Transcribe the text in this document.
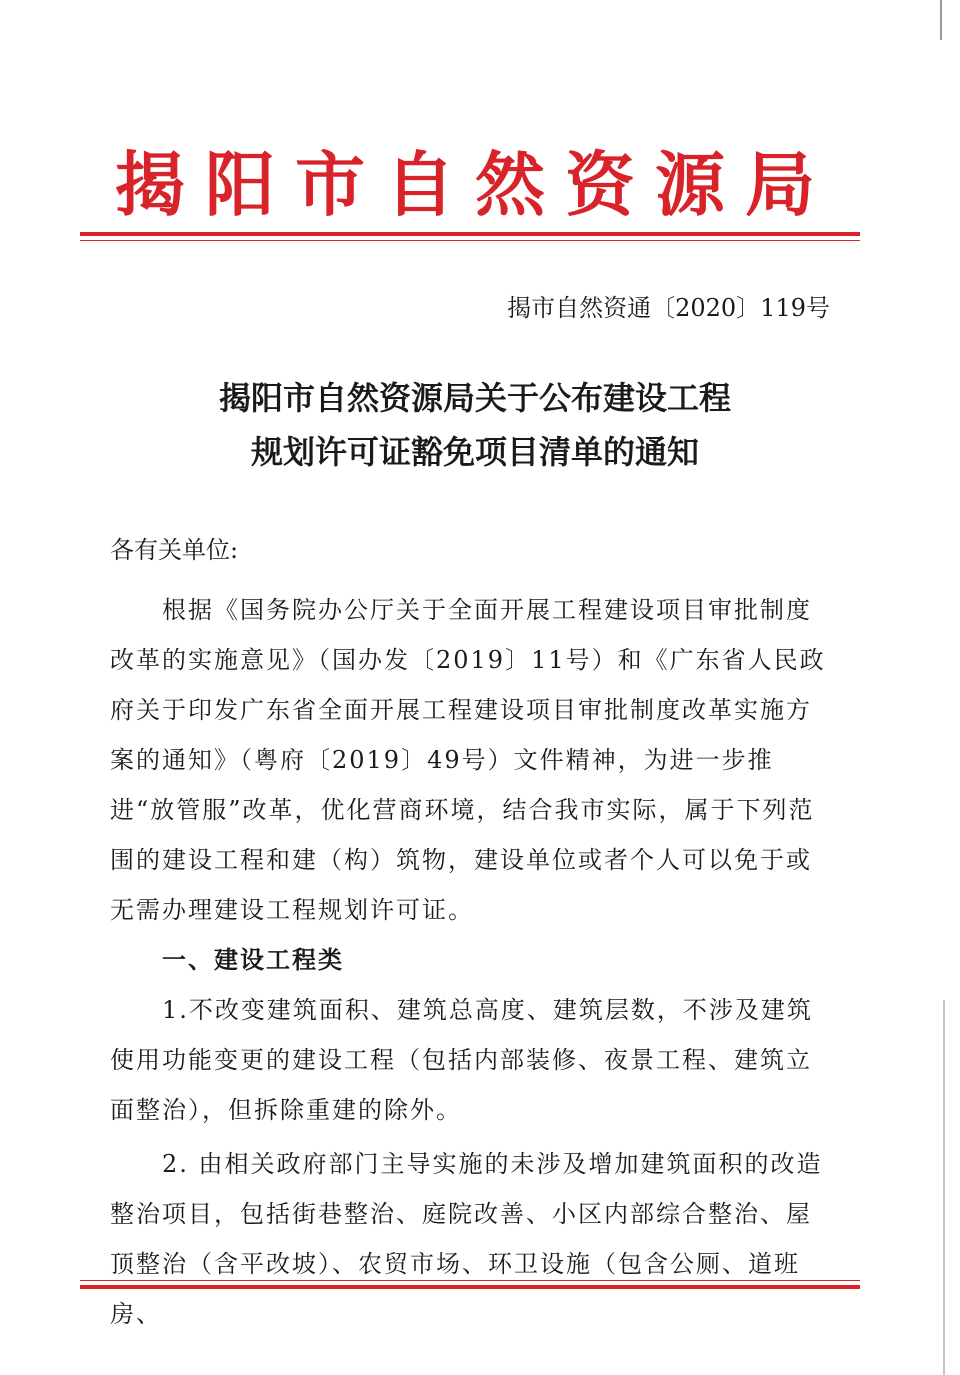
揭阳市自然资源局
揭市自然资通〔2020〕119号
揭阳市自然资源局关于公布建设工程
规划许可证豁免项目清单的通知
各有关单位:

根据《国务院办公厅关于全面开展工程建设项目审批制度改革的实施意见》（国办发〔2019〕11号）和《广东省人民政府关于印发广东省全面开展工程建设项目审批制度改革实施方案的通知》（粤府〔2019〕49号）文件精神，为进一步推进“放管服”改革，优化营商环境，结合我市实际，属于下列范围的建设工程和建（构）筑物，建设单位或者个人可以免于或无需办理建设工程规划许可证。

一、建设工程类

1.不改变建筑面积、建筑总高度、建筑层数，不涉及建筑使用功能变更的建设工程（包括内部装修、夜景工程、建筑立面整治），但拆除重建的除外。

2. 由相关政府部门主导实施的未涉及增加建筑面积的改造整治项目，包括街巷整治、庭院改善、小区内部综合整治、屋顶整治（含平改坡）、农贸市场、环卫设施（包含公厕、道班房、
